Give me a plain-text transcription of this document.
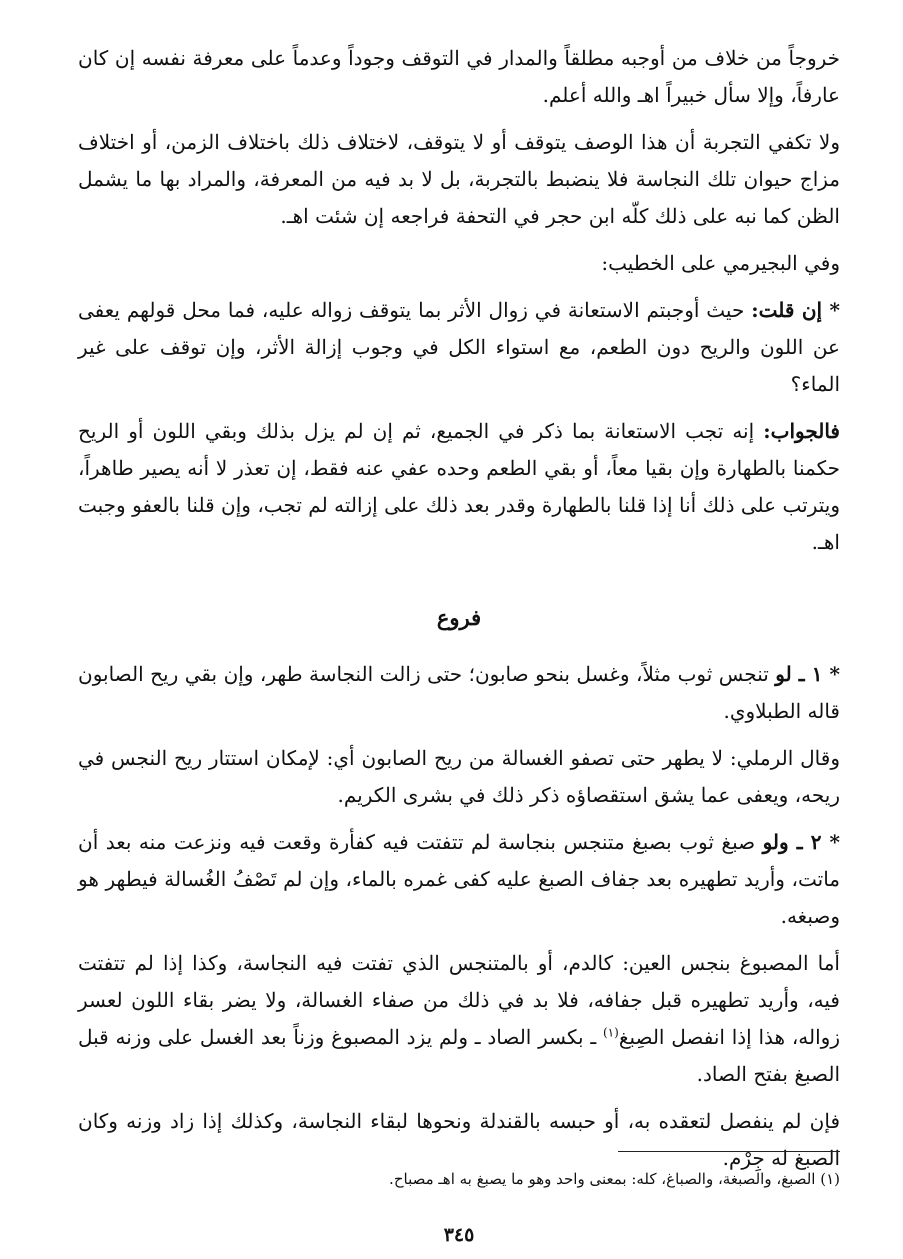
خروجاً من خلاف من أوجبه مطلقاً والمدار في التوقف وجوداً وعدماً على معرفة نفسه إن كان عارفاً، وإلا سأل خبيراً اهـ والله أعلم.

ولا تكفي التجربة أن هذا الوصف يتوقف أو لا يتوقف، لاختلاف ذلك باختلاف الزمن، أو اختلاف مزاج حيوان تلك النجاسة فلا ينضبط بالتجربة، بل لا بد فيه من المعرفة، والمراد بها ما يشمل الظن كما نبه على ذلك كلّه ابن حجر في التحفة فراجعه إن شئت اهـ.

وفي البجيرمي على الخطيب:

* إن قلت: حيث أوجبتم الاستعانة في زوال الأثر بما يتوقف زواله عليه، فما محل قولهم يعفى عن اللون والريح دون الطعم، مع استواء الكل في وجوب إزالة الأثر، وإن توقف على غير الماء؟

فالجواب: إنه تجب الاستعانة بما ذكر في الجميع، ثم إن لم يزل بذلك وبقي اللون أو الريح حكمنا بالطهارة وإن بقيا معاً، أو بقي الطعم وحده عفي عنه فقط، إن تعذر لا أنه يصير طاهراً، ويترتب على ذلك أنا إذا قلنا بالطهارة وقدر بعد ذلك على إزالته لم تجب، وإن قلنا بالعفو وجبت اهـ.

فروع

* ١ ـ لو تنجس ثوب مثلاً، وغسل بنحو صابون؛ حتى زالت النجاسة طهر، وإن بقي ريح الصابون قاله الطبلاوي.

وقال الرملي: لا يطهر حتى تصفو الغسالة من ريح الصابون أي: لإمكان استتار ريح النجس في ريحه، ويعفى عما يشق استقصاؤه ذكر ذلك في بشرى الكريم.

* ٢ ـ ولو صبغ ثوب بصبغ متنجس بنجاسة لم تتفتت فيه كفأرة وقعت فيه ونزعت منه بعد أن ماتت، وأريد تطهيره بعد جفاف الصبغ عليه كفى غمره بالماء، وإن لم تَصْفُ الغُسالة فيطهر هو وصبغه.

أما المصبوغ بنجس العين: كالدم، أو بالمتنجس الذي تفتت فيه النجاسة، وكذا إذا لم تتفتت فيه، وأريد تطهيره قبل جفافه، فلا بد في ذلك من صفاء الغسالة، ولا يضر بقاء اللون لعسر زواله، هذا إذا انفصل الصِبغ$^{(١)}$ ـ بكسر الصاد ـ ولم يزد المصبوغ وزناً بعد الغسل على وزنه قبل الصبغ بفتح الصاد.

فإن لم ينفصل لتعقده به، أو حبسه بالقندلة ونحوها لبقاء النجاسة، وكذلك إذا زاد وزنه وكان الصبغ له جِرْم.

(١) الصبغ، والصبغة، والصباغ، كله: بمعنى واحد وهو ما يصبغ به اهـ مصباح.

٣٤٥
